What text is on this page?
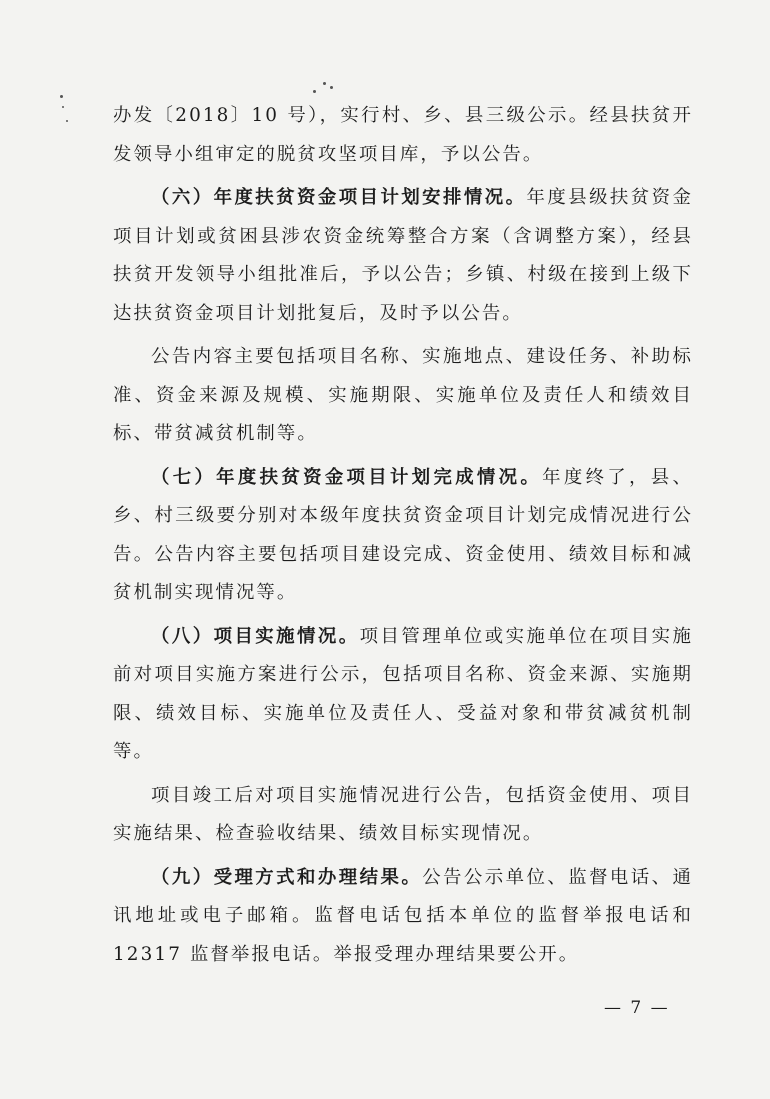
办发〔2018〕10 号），实行村、乡、县三级公示。经县扶贫开发领导小组审定的脱贫攻坚项目库，予以公告。

（六）年度扶贫资金项目计划安排情况。年度县级扶贫资金项目计划或贫困县涉农资金统筹整合方案（含调整方案），经县扶贫开发领导小组批准后，予以公告；乡镇、村级在接到上级下达扶贫资金项目计划批复后，及时予以公告。

公告内容主要包括项目名称、实施地点、建设任务、补助标准、资金来源及规模、实施期限、实施单位及责任人和绩效目标、带贫减贫机制等。

（七）年度扶贫资金项目计划完成情况。年度终了，县、乡、村三级要分别对本级年度扶贫资金项目计划完成情况进行公告。公告内容主要包括项目建设完成、资金使用、绩效目标和减贫机制实现情况等。

（八）项目实施情况。项目管理单位或实施单位在项目实施前对项目实施方案进行公示，包括项目名称、资金来源、实施期限、绩效目标、实施单位及责任人、受益对象和带贫减贫机制等。

项目竣工后对项目实施情况进行公告，包括资金使用、项目实施结果、检查验收结果、绩效目标实现情况。

（九）受理方式和办理结果。公告公示单位、监督电话、通讯地址或电子邮箱。监督电话包括本单位的监督举报电话和 12317 监督举报电话。举报受理办理结果要公开。

— 7 —
